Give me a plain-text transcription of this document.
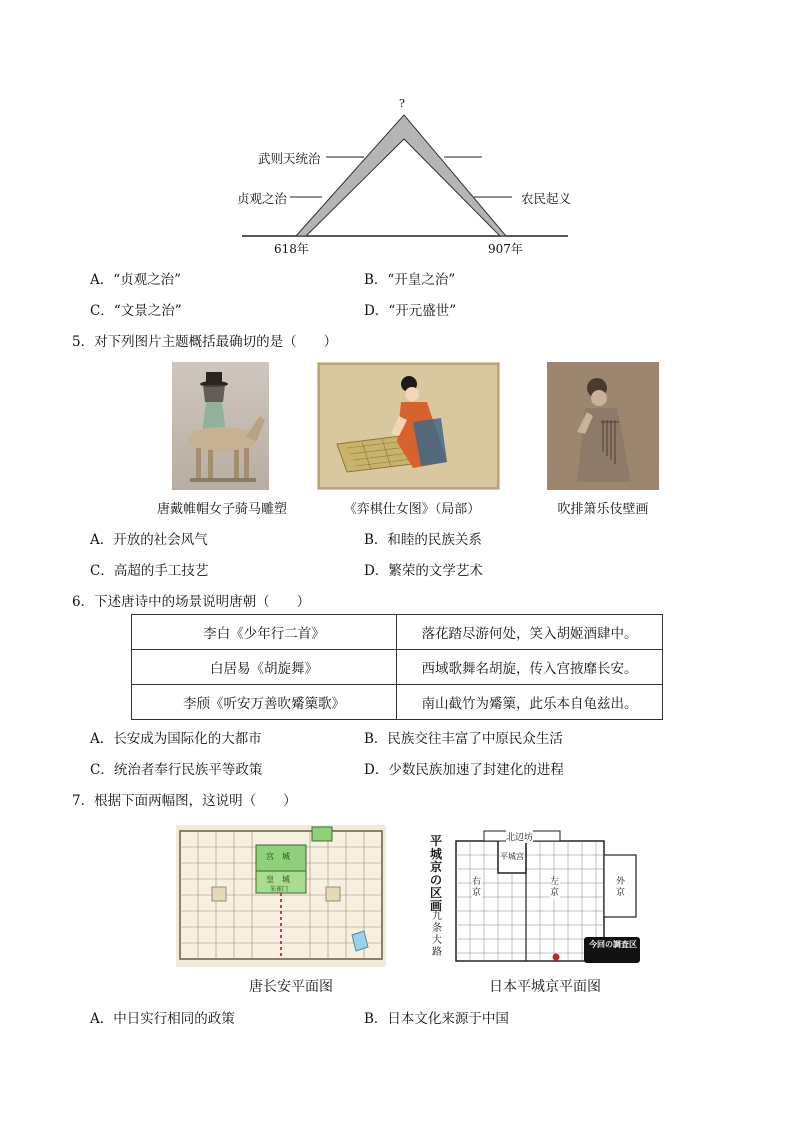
?
武则天统治
贞观之治	农民起义
618年	907年
A．“贞观之治”	B．“开皇之治”
C．“文景之治”	D．“开元盛世”
5．对下列图片主题概括最确切的是（　　）
唐戴帷帽女子骑马雕塑	《弈棋仕女图》（局部）	吹排箫乐伎壁画
A．开放的社会风气	B．和睦的民族关系
C．高超的手工技艺	D．繁荣的文学艺术
6．下述唐诗中的场景说明唐朝（　　）
李白《少年行二首》	落花踏尽游何处，笑入胡姬酒肆中。
白居易《胡旋舞》	西域歌舞名胡旋，传入宫掖靡长安。
李颀《听安万善吹觱篥歌》	南山截竹为觱篥，此乐本自龟兹出。
A．长安成为国际化的大都市	B．民族交往丰富了中原民众生活
C．统治者奉行民族平等政策	D．少数民族加速了封建化的进程
7．根据下面两幅图，这说明（　　）
宫　城
皇　城
朱雀门
唐长安平面图
平城京の区画
九条大路
北辺坊
平城宫
右京
左京
外京
今回の調査区
日本平城京平面图
A．中日实行相同的政策	B．日本文化来源于中国
